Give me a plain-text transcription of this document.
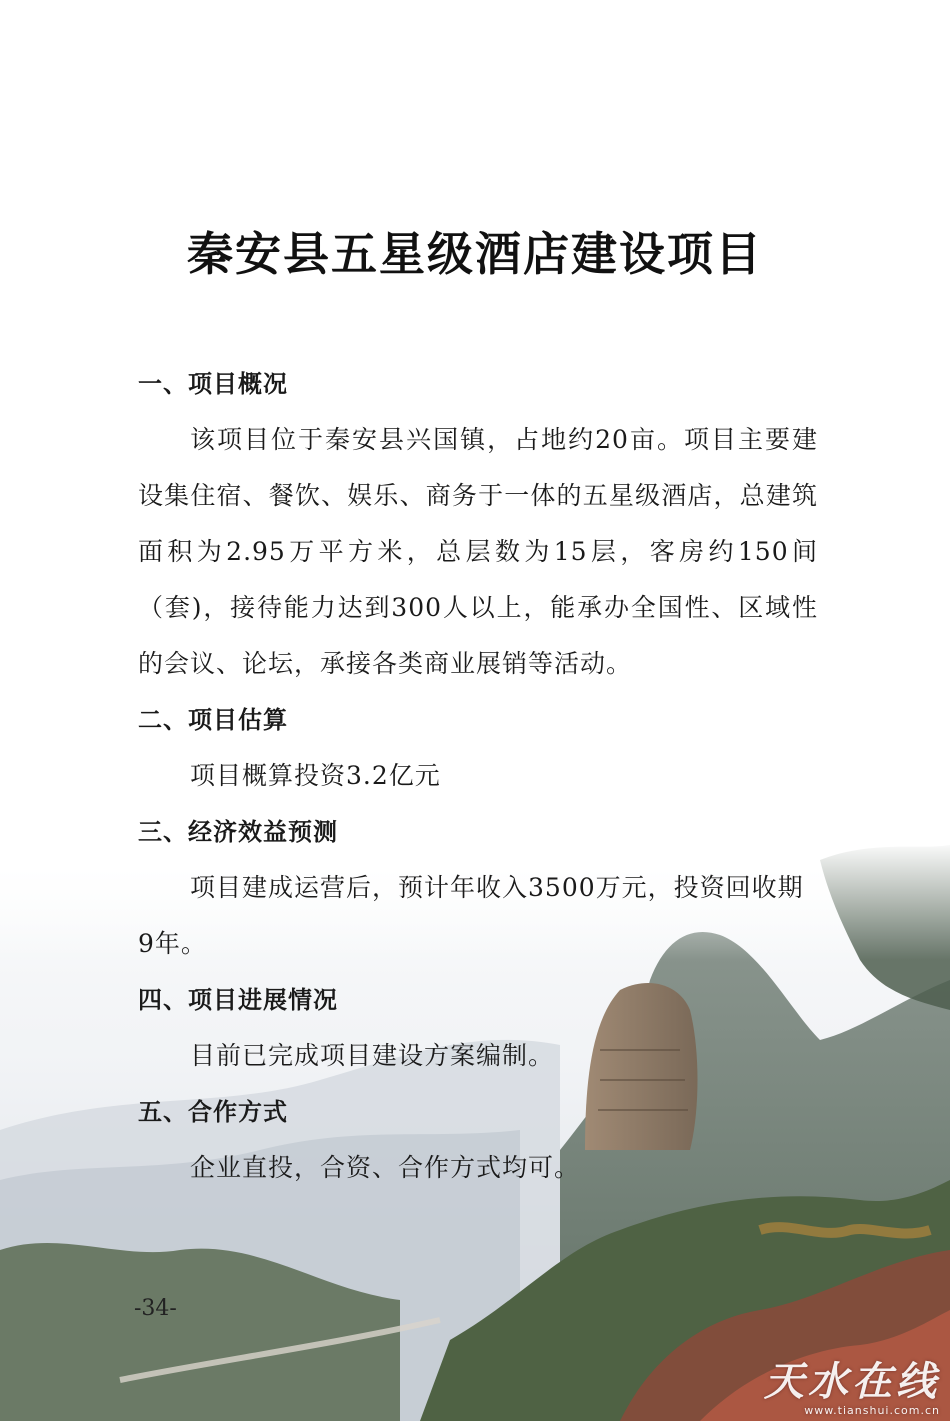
秦安县五星级酒店建设项目
一、项目概况
该项目位于秦安县兴国镇，占地约20亩。项目主要建设集住宿、餐饮、娱乐、商务于一体的五星级酒店，总建筑面积为2.95万平方米，总层数为15层，客房约150间（套)，接待能力达到300人以上，能承办全国性、区域性的会议、论坛，承接各类商业展销等活动。
二、项目估算
项目概算投资3.2亿元
三、经济效益预测
项目建成运营后，预计年收入3500万元，投资回收期9年。
四、项目进展情况
目前已完成项目建设方案编制。
五、合作方式
企业直投，合资、合作方式均可。
-34-
天水在线
www.tianshui.com.cn
